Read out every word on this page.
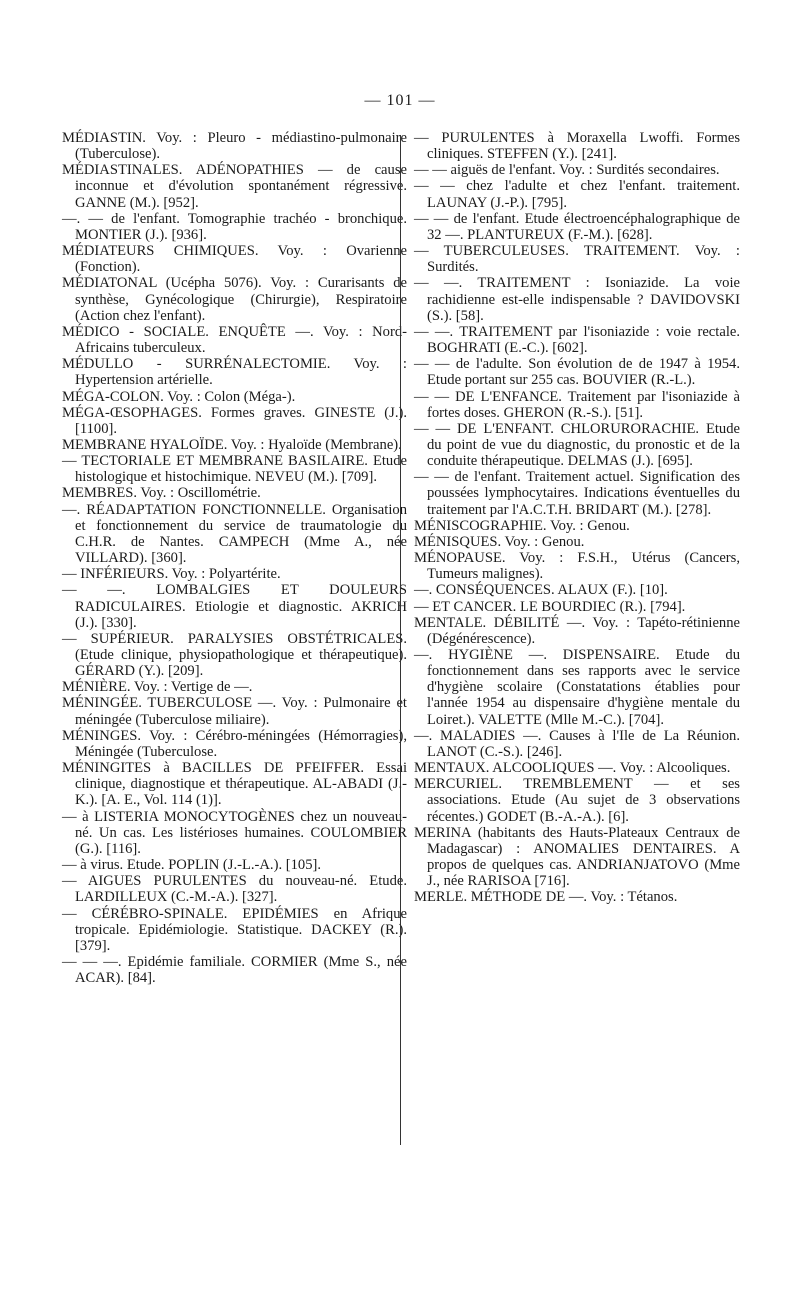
— 101 —

MÉDIASTIN. Voy. : Pleuro - médiastino-pulmonaire (Tuberculose).

MÉDIASTINALES. ADÉNOPATHIES — de cause inconnue et d'évolution spontanément régressive. GANNE (M.). [952].

—. — de l'enfant. Tomographie trachéo - bronchique. MONTIER (J.). [936].

MÉDIATEURS CHIMIQUES. Voy. : Ovarienne (Fonction).

MÉDIATONAL (Ucépha 5076). Voy. : Curarisants de synthèse, Gynécologique (Chirurgie), Respiratoire (Action chez l'enfant).

MÉDICO - SOCIALE. ENQUÊTE —. Voy. : Nord-Africains tuberculeux.

MÉDULLO - SURRÉNALECTOMIE. Voy. : Hypertension artérielle.

MÉGA-COLON. Voy. : Colon (Méga-).

MÉGA-ŒSOPHAGES. Formes graves. GINESTE (J.). [1100].

MEMBRANE HYALOÏDE. Voy. : Hyaloïde (Membrane).

— TECTORIALE ET MEMBRANE BASILAIRE. Etude histologique et histochimique. NEVEU (M.). [709].

MEMBRES. Voy. : Oscillométrie.

—. RÉADAPTATION FONCTIONNELLE. Organisation et fonctionnement du service de traumatologie du C.H.R. de Nantes. CAMPECH (Mme A., née VILLARD). [360].

— INFÉRIEURS. Voy. : Polyartérite.

— —. LOMBALGIES ET DOULEURS RADICULAIRES. Etiologie et diagnostic. AKRICH (J.). [330].

— SUPÉRIEUR. PARALYSIES OBSTÉTRICALES. (Etude clinique, physiopathologique et thérapeutique). GÉRARD (Y.). [209].

MÉNIÈRE. Voy. : Vertige de —.

MÉNINGÉE. TUBERCULOSE —. Voy. : Pulmonaire et méningée (Tuberculose miliaire).

MÉNINGES. Voy. : Cérébro-méningées (Hémorragies), Méningée (Tuberculose.

MÉNINGITES à BACILLES DE PFEIFFER. Essai clinique, diagnostique et thérapeutique. AL-ABADI (J.-K.). [A. E., Vol. 114 (1)].

— à LISTERIA MONOCYTOGÈNES chez un nouveau-né. Un cas. Les listérioses humaines. COULOMBIER (G.). [116].

— à virus. Etude. POPLIN (J.-L.-A.). [105].

— AIGUES PURULENTES du nouveau-né. Etude. LARDILLEUX (C.-M.-A.). [327].

— CÉRÉBRO-SPINALE. EPIDÉMIES en Afrique tropicale. Epidémiologie. Statistique. DACKEY (R.). [379].

— — —. Epidémie familiale. CORMIER (Mme S., née ACAR). [84].

— PURULENTES à Moraxella Lwoffi. Formes cliniques. STEFFEN (Y.). [241].

— — aiguës de l'enfant. Voy. : Surdités secondaires.

— — chez l'adulte et chez l'enfant. traitement. LAUNAY (J.-P.). [795].

— — de l'enfant. Etude électroencéphalographique de 32 —. PLANTUREUX (F.-M.). [628].

— TUBERCULEUSES. TRAITEMENT. Voy. : Surdités.

— —. TRAITEMENT : Isoniazide. La voie rachidienne est-elle indispensable ? DAVIDOVSKI (S.). [58].

— —. TRAITEMENT par l'isoniazide : voie rectale. BOGHRATI (E.-C.). [602].

— — de l'adulte. Son évolution de de 1947 à 1954. Etude portant sur 255 cas. BOUVIER (R.-L.).

— — DE L'ENFANCE. Traitement par l'isoniazide à fortes doses. GHERON (R.-S.). [51].

— — DE L'ENFANT. CHLORURORACHIE. Etude du point de vue du diagnostic, du pronostic et de la conduite thérapeutique. DELMAS (J.). [695].

— — de l'enfant. Traitement actuel. Signification des poussées lymphocytaires. Indications éventuelles du traitement par l'A.C.T.H. BRIDART (M.). [278].

MÉNISCOGRAPHIE. Voy. : Genou.

MÉNISQUES. Voy. : Genou.

MÉNOPAUSE. Voy. : F.S.H., Utérus (Cancers, Tumeurs malignes).

—. CONSÉQUENCES. ALAUX (F.). [10].

— ET CANCER. LE BOURDIEC (R.). [794].

MENTALE. DÉBILITÉ —. Voy. : Tapéto-rétinienne (Dégénérescence).

—. HYGIÈNE —. DISPENSAIRE. Etude du fonctionnement dans ses rapports avec le service d'hygiène scolaire (Constatations établies pour l'année 1954 au dispensaire d'hygiène mentale du Loiret.). VALETTE (Mlle M.-C.). [704].

—. MALADIES —. Causes à l'Ile de La Réunion. LANOT (C.-S.). [246].

MENTAUX. ALCOOLIQUES —. Voy. : Alcooliques.

MERCURIEL. TREMBLEMENT — et ses associations. Etude (Au sujet de 3 observations récentes.) GODET (B.-A.-A.). [6].

MERINA (habitants des Hauts-Plateaux Centraux de Madagascar) : ANOMALIES DENTAIRES. A propos de quelques cas. ANDRIANJATOVO (Mme J., née RARISOA [716].

MERLE. MÉTHODE DE —. Voy. : Tétanos.
